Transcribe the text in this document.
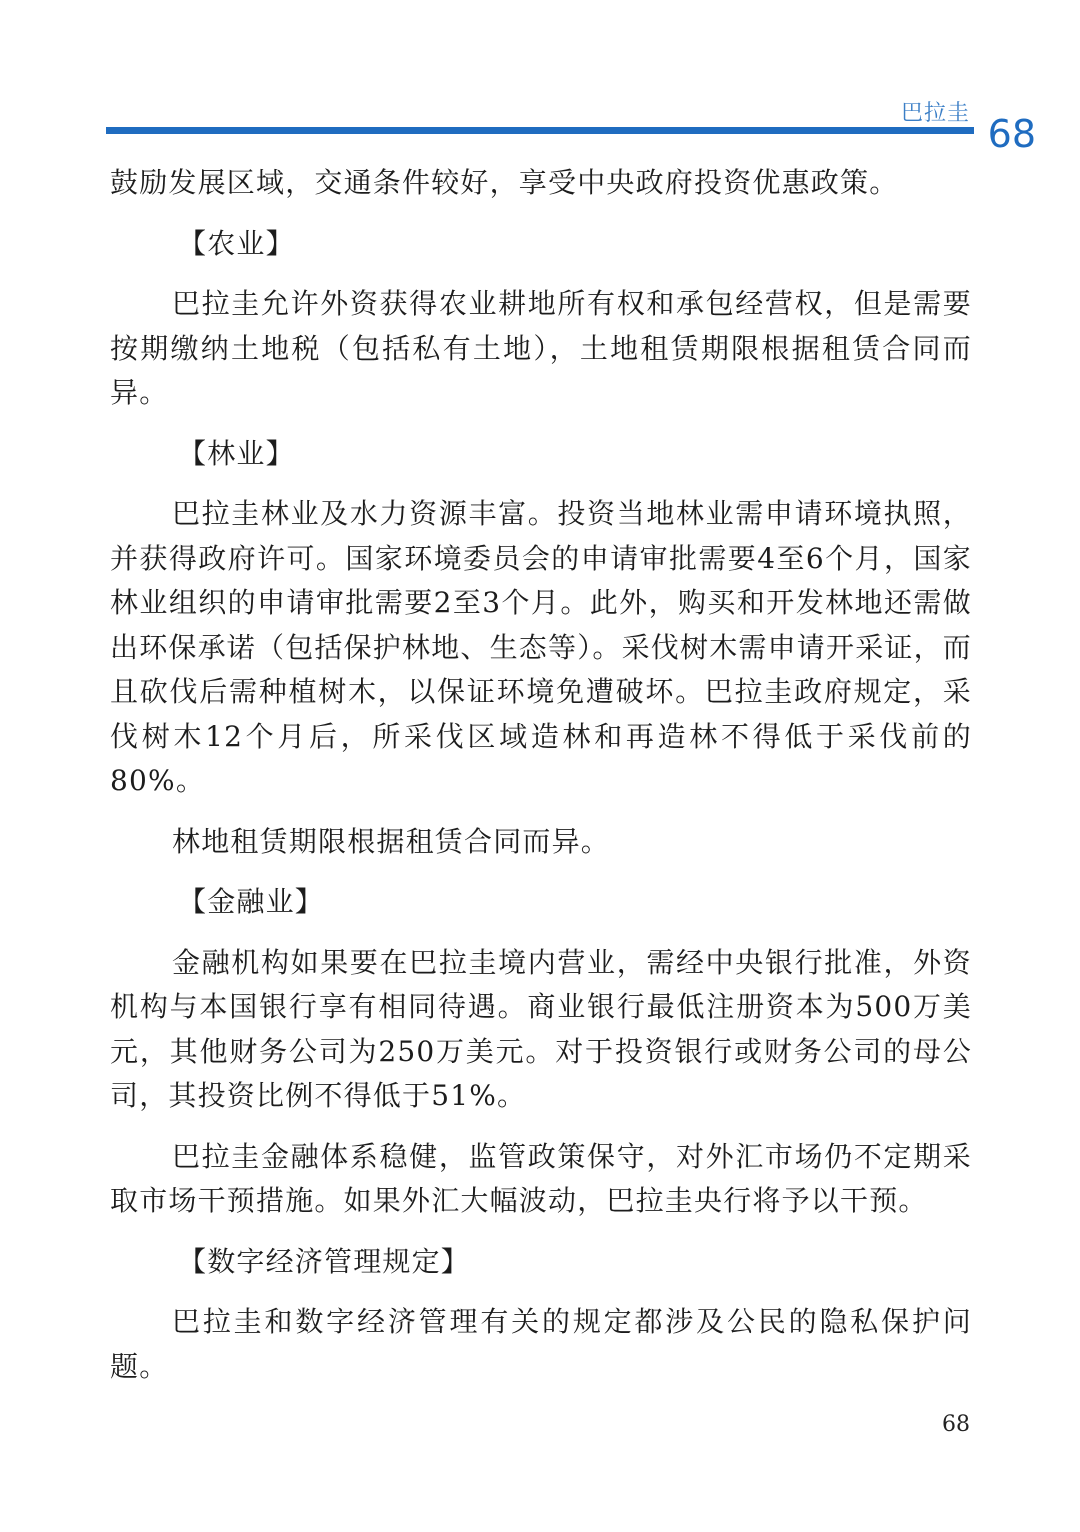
巴拉圭 68

鼓励发展区域，交通条件较好，享受中央政府投资优惠政策。

【农业】

巴拉圭允许外资获得农业耕地所有权和承包经营权，但是需要按期缴纳土地税（包括私有土地），土地租赁期限根据租赁合同而异。

【林业】

巴拉圭林业及水力资源丰富。投资当地林业需申请环境执照，并获得政府许可。国家环境委员会的申请审批需要4至6个月，国家林业组织的申请审批需要2至3个月。此外，购买和开发林地还需做出环保承诺（包括保护林地、生态等）。采伐树木需申请开采证，而且砍伐后需种植树木，以保证环境免遭破坏。巴拉圭政府规定，采伐树木12个月后，所采伐区域造林和再造林不得低于采伐前的80%。

林地租赁期限根据租赁合同而异。

【金融业】

金融机构如果要在巴拉圭境内营业，需经中央银行批准，外资机构与本国银行享有相同待遇。商业银行最低注册资本为500万美元，其他财务公司为250万美元。对于投资银行或财务公司的母公司，其投资比例不得低于51%。

巴拉圭金融体系稳健，监管政策保守，对外汇市场仍不定期采取市场干预措施。如果外汇大幅波动，巴拉圭央行将予以干预。

【数字经济管理规定】

巴拉圭和数字经济管理有关的规定都涉及公民的隐私保护问题。

68
